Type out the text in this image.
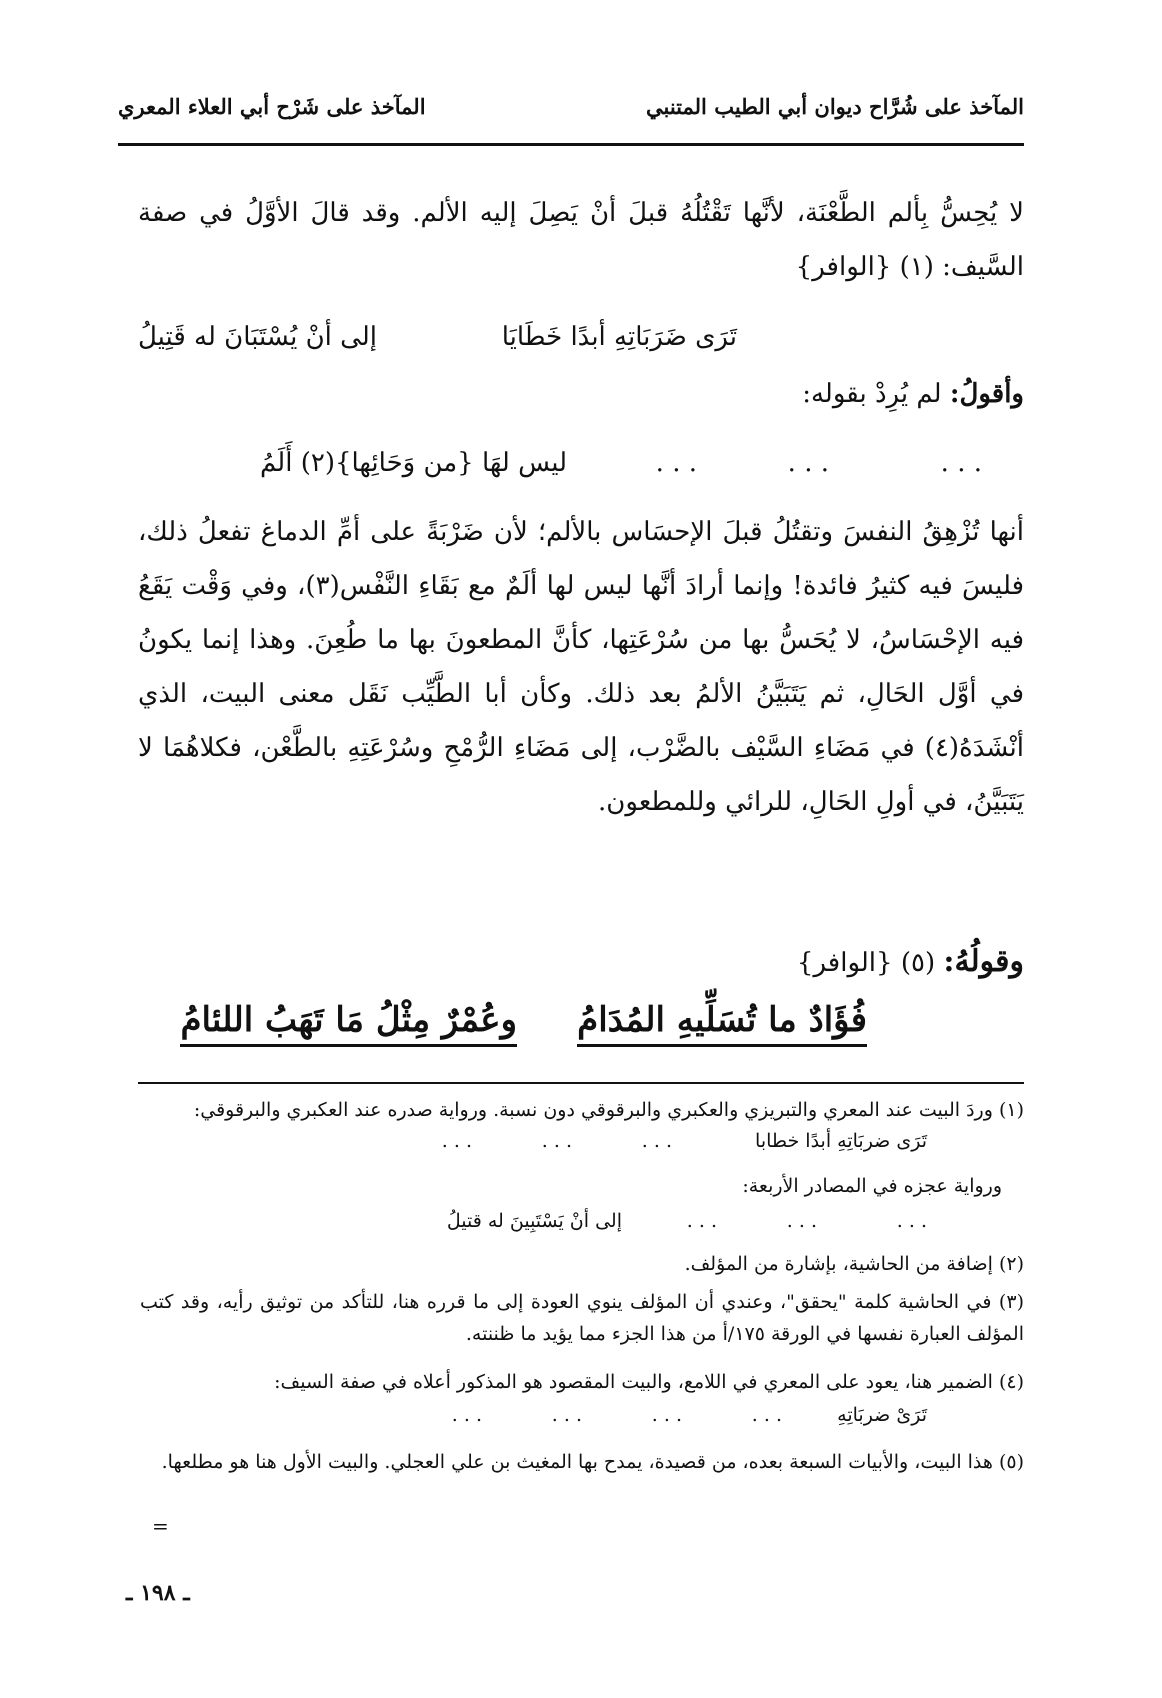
المآخذ على شُرَّاح ديوان أبي الطيب المتنبي
المآخذ على شَرْح أبي العلاء المعري
لا يُحِسُّ بِألم الطَّعْنَة، لأنَّها تَقْتُلُهُ قبلَ أنْ يَصِلَ إليه الألم. وقد قالَ الأوَّلُ في صفة السَّيف: (١) {الوافر}
تَرَى ضَرَبَاتِهِ أبدًا خَطَايَا
إلى أنْ يُسْتَبَانَ له قَتِيلُ
وأقولُ: لم يُرِدْ بقوله:
. . .
. . .
. . .
ليس لهَا {من وَحَائِها}(٢) أَلَمُ
أنها تُزْهِقُ النفسَ وتقتُلُ قبلَ الإحسَاس بالألم؛ لأن ضَرْبَةً على أمِّ الدماغ تفعلُ ذلك، فليسَ فيه كثيرُ فائدة! وإنما أرادَ أنَّها ليس لها ألَمٌ مع بَقَاءِ النَّفْس(٣)، وفي وَقْت يَقَعُ فيه الإحْسَاسُ، لا يُحَسُّ بها من سُرْعَتِها، كأنَّ المطعونَ بها ما طُعِنَ. وهذا إنما يكونُ في أوَّل الحَالِ، ثم يَتَبَيَّنُ الألمُ بعد ذلك. وكأن أبا الطَّيِّب نَقَل معنى البيت، الذي أنْشَدَهُ(٤) في مَضَاءِ السَّيْف بالضَّرْب، إلى مَضَاءِ الرُّمْحِ وسُرْعَتِهِ بالطَّعْن، فكلاهُمَا لا يَتَبَيَّنُ، في أولِ الحَالِ، للرائي وللمطعون.
وقولُهُ: (٥) {الوافر}
فُؤَادٌ ما تُسَلِّيهِ المُدَامُ
وعُمْرٌ مِثْلُ مَا تَهَبُ اللئامُ
(١) وردَ البيت عند المعري والتبريزي والعكبري والبرقوقي دون نسبة. ورواية صدره عند العكبري والبرقوقي:
تَرَى ضربَاتِهِ أبدًا خطابا
. . .
. . .
. . .
ورواية عجزه في المصادر الأربعة:
. . .
. . .
. . .
إلى أنْ يَسْتَبِينَ له قتيلُ
(٢) إضافة من الحاشية، بإشارة من المؤلف.
(٣) في الحاشية كلمة "يحقق"، وعندي أن المؤلف ينوي العودة إلى ما قرره هنا، للتأكد من توثيق رأيه، وقد كتب المؤلف العبارة نفسها في الورقة ١٧٥/أ من هذا الجزء مما يؤيد ما ظننته.
(٤) الضمير هنا، يعود على المعري في اللامع، والبيت المقصود هو المذكور أعلاه في صفة السيف:
تَرَىْ ضربَاتِهِ
. . .
. . .
. . .
. . .
(٥) هذا البيت، والأبيات السبعة بعده، من قصيدة، يمدح بها المغيث بن علي العجلي. والبيت الأول هنا هو مطلعها.
=
ـ ١٩٨ ـ
